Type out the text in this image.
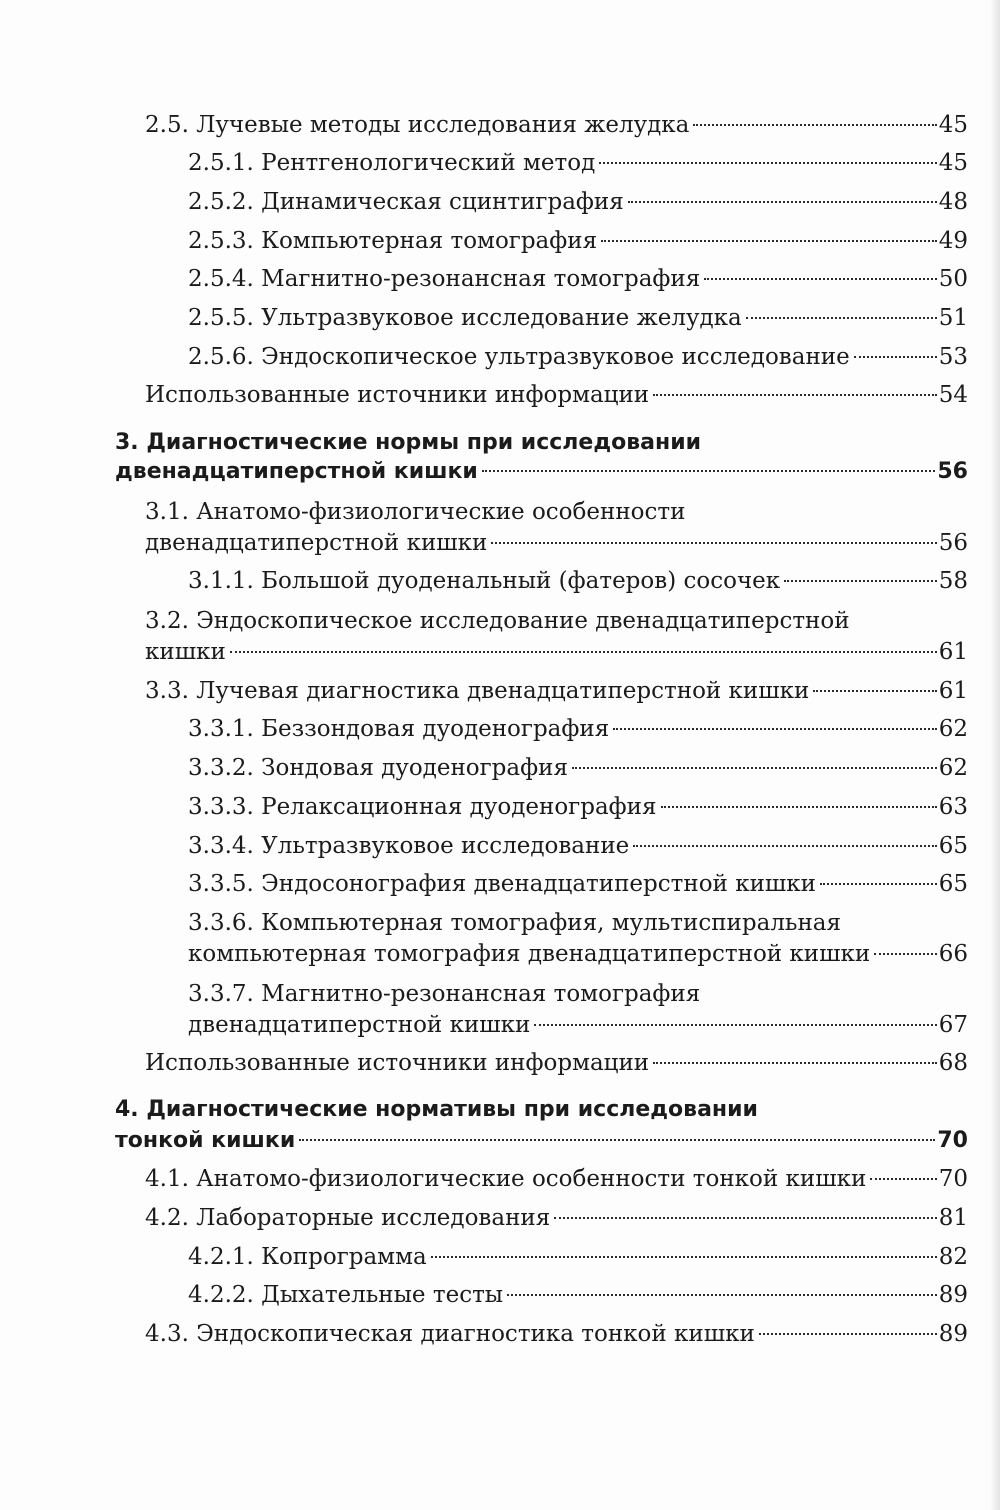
2.5. Лучевые методы исследования желудка	45
2.5.1. Рентгенологический метод	45
2.5.2. Динамическая сцинтиграфия	48
2.5.3. Компьютерная томография	49
2.5.4. Магнитно-резонансная томография	50
2.5.5. Ультразвуковое исследование желудка	51
2.5.6. Эндоскопическое ультразвуковое исследование	53
Использованные источники информации	54
3. Диагностические нормы при исследовании
двенадцатиперстной кишки	56
3.1. Анатомо-физиологические особенности
двенадцатиперстной кишки	56
3.1.1. Большой дуоденальный (фатеров) сосочек	58
3.2. Эндоскопическое исследование двенадцатиперстной
кишки	61
3.3. Лучевая диагностика двенадцатиперстной кишки	61
3.3.1. Беззондовая дуоденография	62
3.3.2. Зондовая дуоденография	62
3.3.3. Релаксационная дуоденография	63
3.3.4. Ультразвуковое исследование	65
3.3.5. Эндосонография двенадцатиперстной кишки	65
3.3.6. Компьютерная томография, мультиспиральная
компьютерная томография двенадцатиперстной кишки	66
3.3.7. Магнитно-резонансная томография
двенадцатиперстной кишки	67
Использованные источники информации	68
4. Диагностические нормативы при исследовании
тонкой кишки	70
4.1. Анатомо-физиологические особенности тонкой кишки	70
4.2. Лабораторные исследования	81
4.2.1. Копрограмма	82
4.2.2. Дыхательные тесты	89
4.3. Эндоскопическая диагностика тонкой кишки	89
